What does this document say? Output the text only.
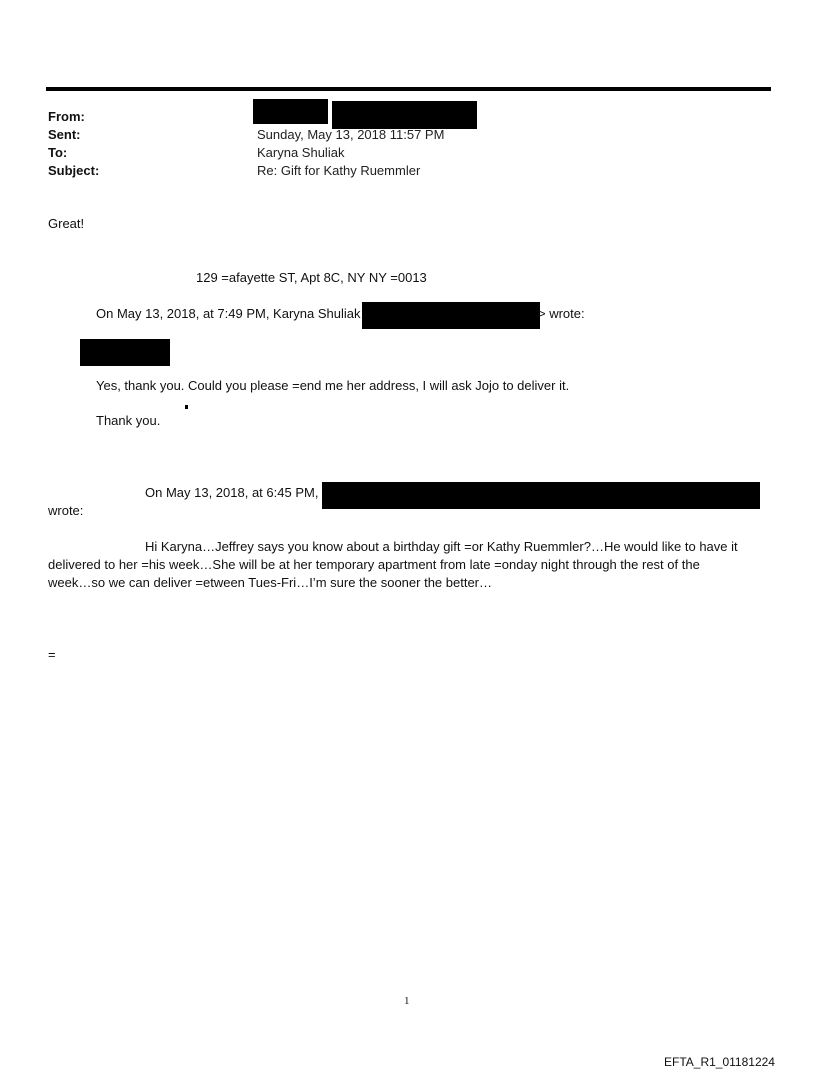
From:
Sent:	Sunday, May 13, 2018 11:57 PM
To:	Karyna Shuliak
Subject:	Re: Gift for Kathy Ruemmler
Great!
129 =afayette ST, Apt 8C, NY NY =0013
On May 13, 2018, at 7:49 PM, Karyna Shuliak	> wrote:
Yes, thank you. Could you please =end me her address, I will ask Jojo to deliver it.
Thank you.
On May 13, 2018, at 6:45 PM,
wrote:
Hi Karyna…Jeffrey says you know about a birthday gift =or Kathy Ruemmler?…He would like to have it
delivered to her =his week…She will be at her temporary apartment from late =onday night through the rest of the
week…so we can deliver =etween Tues-Fri…I’m sure the sooner the better…
=
1
EFTA_R1_01181224
